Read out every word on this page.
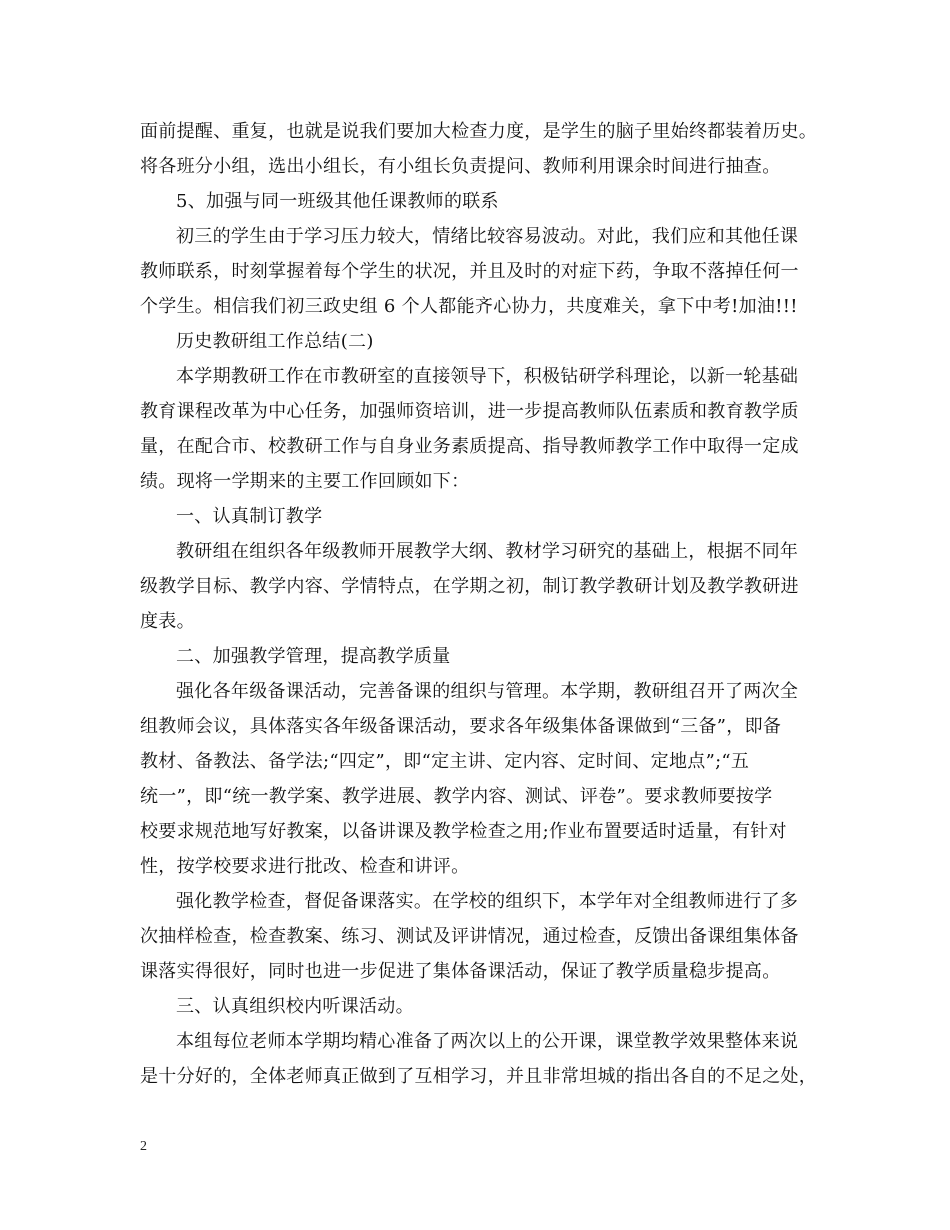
面前提醒、重复，也就是说我们要加大检查力度，是学生的脑子里始终都装着历史。
将各班分小组，选出小组长，有小组长负责提问、教师利用课余时间进行抽查。
5、加强与同一班级其他任课教师的联系
初三的学生由于学习压力较大，情绪比较容易波动。对此，我们应和其他任课
教师联系，时刻掌握着每个学生的状况，并且及时的对症下药，争取不落掉任何一
个学生。相信我们初三政史组 6 个人都能齐心协力，共度难关，拿下中考!加油!!!
历史教研组工作总结(二)
本学期教研工作在市教研室的直接领导下，积极钻研学科理论，以新一轮基础
教育课程改革为中心任务，加强师资培训，进一步提高教师队伍素质和教育教学质
量，在配合市、校教研工作与自身业务素质提高、指导教师教学工作中取得一定成
绩。现将一学期来的主要工作回顾如下：
一、认真制订教学
教研组在组织各年级教师开展教学大纲、教材学习研究的基础上，根据不同年
级教学目标、教学内容、学情特点，在学期之初，制订教学教研计划及教学教研进
度表。
二、加强教学管理，提高教学质量
强化各年级备课活动，完善备课的组织与管理。本学期，教研组召开了两次全
组教师会议，具体落实各年级备课活动，要求各年级集体备课做到“三备”，即备
教材、备教法、备学法;“四定”，即“定主讲、定内容、定时间、定地点”;“五
统一”，即“统一教学案、教学进展、教学内容、测试、评卷”。要求教师要按学
校要求规范地写好教案，以备讲课及教学检查之用;作业布置要适时适量，有针对
性，按学校要求进行批改、检查和讲评。
强化教学检查，督促备课落实。在学校的组织下，本学年对全组教师进行了多
次抽样检查，检查教案、练习、测试及评讲情况，通过检查，反馈出备课组集体备
课落实得很好，同时也进一步促进了集体备课活动，保证了教学质量稳步提高。
三、认真组织校内听课活动。
本组每位老师本学期均精心准备了两次以上的公开课，课堂教学效果整体来说
是十分好的，全体老师真正做到了互相学习，并且非常坦城的指出各自的不足之处，
2
